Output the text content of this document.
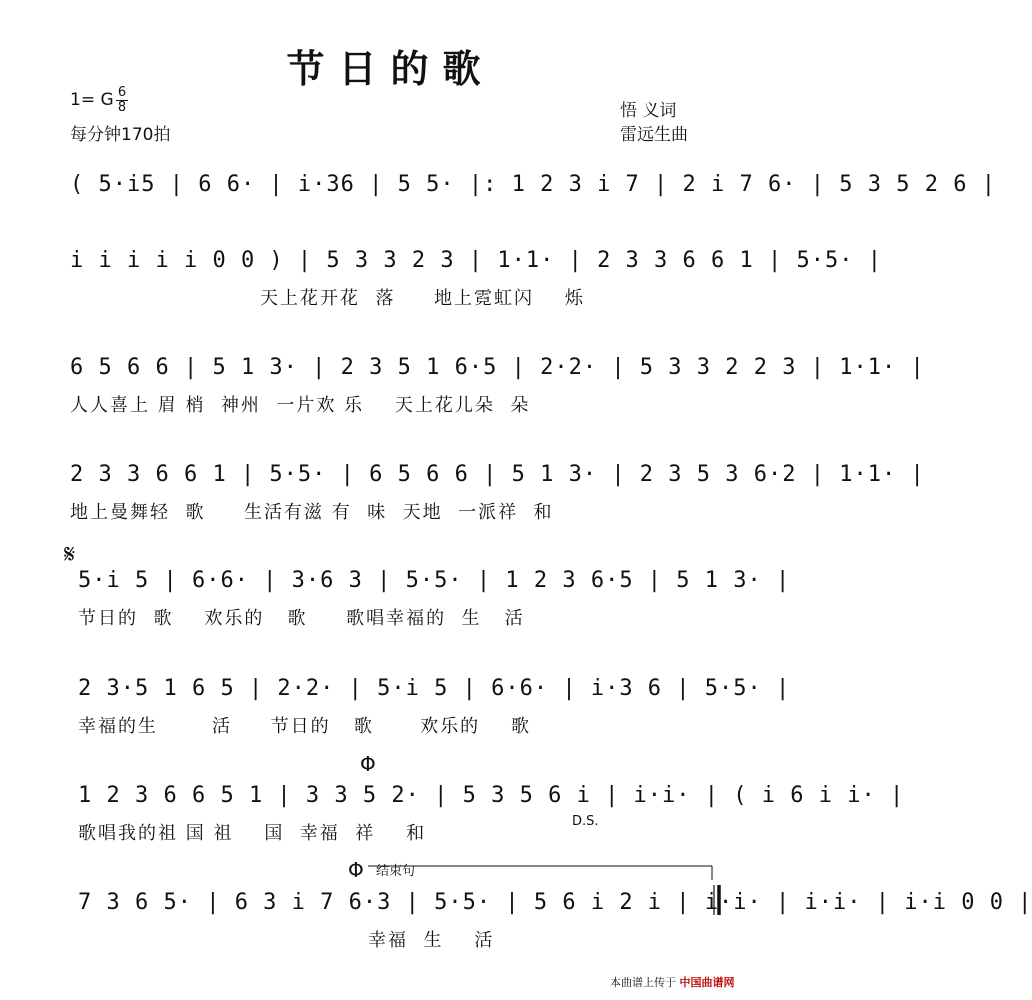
节日的歌
1= G 6
8
每分钟170拍
悟 义词
雷远生曲
( 5·i5 | 6 6· | i·36 | 5 5· |: 1 2 3 i 7 | 2 i 7 6· | 5 3 5 2 6 |
i i i i i 0 0 ) | 5 3 3 2 3 | 1·1· | 2 3 3 6 6 1 | 5·5· |
天上花开花  落     地上霓虹闪    烁
6 5 6 6 | 5 1 3· | 2 3 5 1 6·5 | 2·2· | 5 3 3 2 2 3 | 1·1· |
人人喜上 眉 梢  神州  一片欢 乐    天上花儿朵  朵
2 3 3 6 6 1 | 5·5· | 6 5 6 6 | 5 1 3· | 2 3 5 3 6·2 | 1·1· |
地上曼舞轻  歌     生活有滋 有  味  天地  一派祥  和
𝄋
5·i 5 | 6·6· | 3·6 3 | 5·5· | 1 2 3 6·5 | 5 1 3· |
节日的  歌    欢乐的   歌     歌唱幸福的  生   活
2 3·5 1 6 5 | 2·2· | 5·i 5 | 6·6· | i·3 6 | 5·5· |
幸福的生       活     节日的   歌      欢乐的    歌
Φ
1 2 3 6 6 5 1 | 3 3 5 2· | 5 3 5 6 i | i·i· | ( i 6 i i· |
歌唱我的祖 国 祖    国  幸福  祥    和
D.S.
Φ 结束句
7 3 6 5· | 6 3 i 7 6·3 | 5·5· | 5 6 i 2 i | i·i· | i·i· | i·i 0 0 |
幸福  生    活
本曲谱上传于 中国曲谱网
